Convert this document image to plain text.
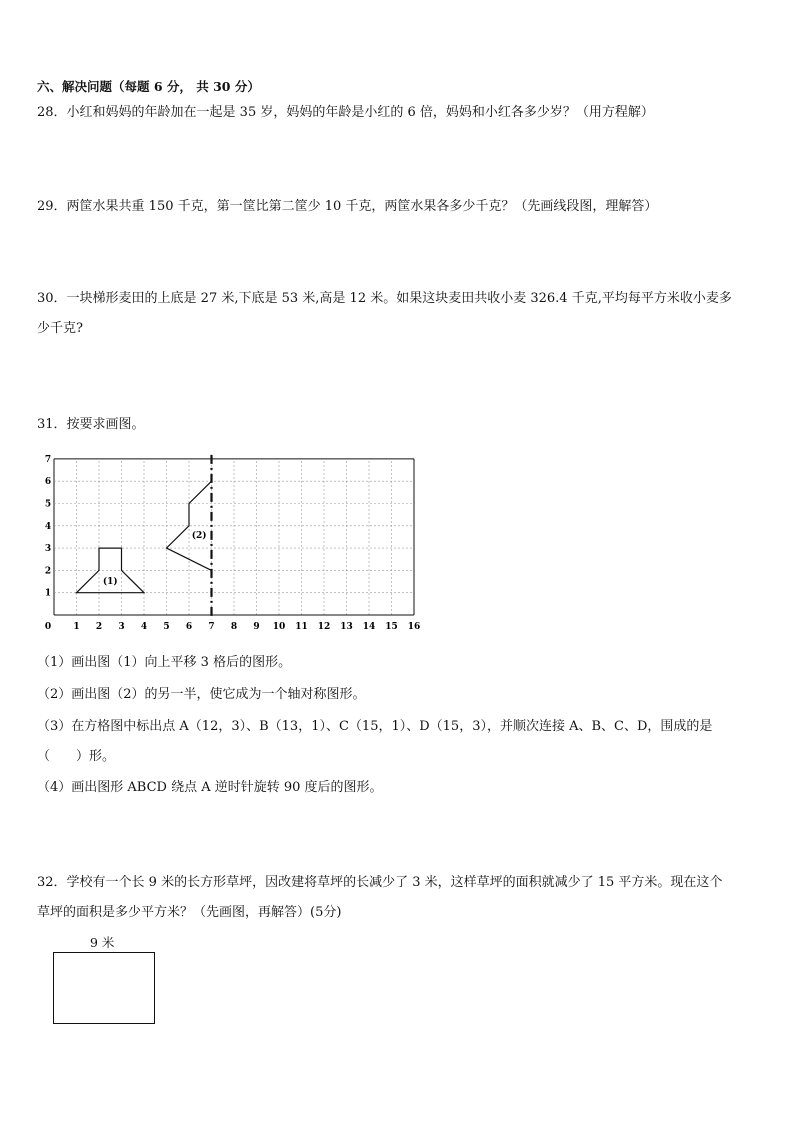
六、解决问题（每题 6 分， 共 30 分）
28．小红和妈妈的年龄加在一起是 35 岁，妈妈的年龄是小红的 6 倍，妈妈和小红各多少岁？（用方程解）
29．两筐水果共重 150 千克，第一筐比第二筐少 10 千克，两筐水果各多少千克？（先画线段图，理解答）
30．一块梯形麦田的上底是 27 米,下底是 53 米,高是 12 米。如果这块麦田共收小麦 326.4 千克,平均每平方米收小麦多
少千克?
31．按要求画图。
0 1 2 3 4 5 6 7 8 9 10 11 12 13 14 15 16
1
2
3
4
5
6
7
(1)
(2)
（1）画出图（1）向上平移 3 格后的图形。
（2）画出图（2）的另一半，使它成为一个轴对称图形。
（3）在方格图中标出点 A（12，3）、B（13，1）、C（15，1）、D（15，3），并顺次连接 A、B、C、D，围成的是
（　　）形。
（4）画出图形 ABCD 绕点 A 逆时针旋转 90 度后的图形。
32．学校有一个长 9 米的长方形草坪，因改建将草坪的长减少了 3 米，这样草坪的面积就减少了 15 平方米。现在这个
草坪的面积是多少平方米？（先画图，再解答）(5分)
9 米
